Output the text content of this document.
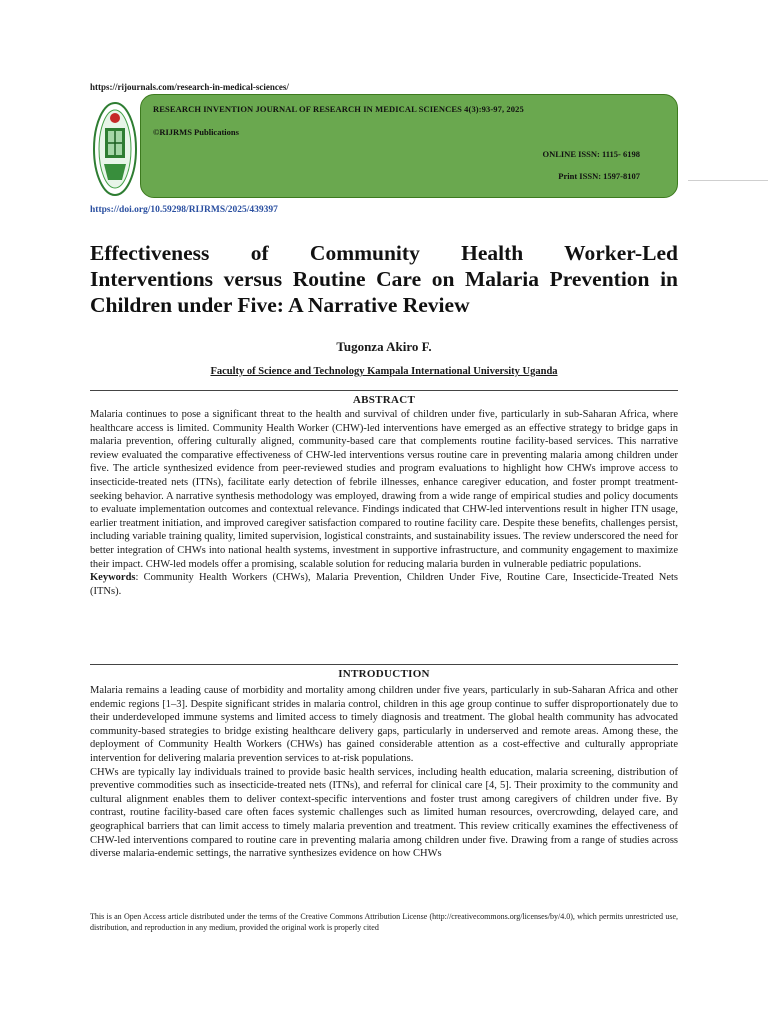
https://rijournals.com/research-in-medical-sciences/
RESEARCH INVENTION JOURNAL OF RESEARCH IN MEDICAL SCIENCES 4(3):93-97, 2025
©RIJRMS Publications
ONLINE ISSN: 1115- 6198
Print ISSN: 1597-8107
https://doi.org/10.59298/RIJRMS/2025/439397
Effectiveness of Community Health Worker-Led
Interventions versus Routine Care on Malaria Prevention in
Children under Five: A Narrative Review
Tugonza Akiro F.
Faculty of Science and Technology Kampala International University Uganda
ABSTRACT
Malaria continues to pose a significant threat to the health and survival of children under five, particularly in sub-Saharan Africa, where healthcare access is limited. Community Health Worker (CHW)-led interventions have emerged as an effective strategy to bridge gaps in malaria prevention, offering culturally aligned, community-based care that complements routine facility-based services. This narrative review evaluated the comparative effectiveness of CHW-led interventions versus routine care in preventing malaria among children under five. The article synthesized evidence from peer-reviewed studies and program evaluations to highlight how CHWs improve access to insecticide-treated nets (ITNs), facilitate early detection of febrile illnesses, enhance caregiver education, and foster prompt treatment-seeking behavior. A narrative synthesis methodology was employed, drawing from a wide range of empirical studies and policy documents to evaluate implementation outcomes and contextual relevance. Findings indicated that CHW-led interventions result in higher ITN usage, earlier treatment initiation, and improved caregiver satisfaction compared to routine facility care. Despite these benefits, challenges persist, including variable training quality, limited supervision, logistical constraints, and sustainability issues. The review underscored the need for better integration of CHWs into national health systems, investment in supportive infrastructure, and community engagement to maximize their impact. CHW-led models offer a promising, scalable solution for reducing malaria burden in vulnerable pediatric populations.
Keywords: Community Health Workers (CHWs), Malaria Prevention, Children Under Five, Routine Care, Insecticide-Treated Nets (ITNs).
INTRODUCTION
Malaria remains a leading cause of morbidity and mortality among children under five years, particularly in sub-Saharan Africa and other endemic regions [1–3]. Despite significant strides in malaria control, children in this age group continue to suffer disproportionately due to their underdeveloped immune systems and limited access to timely diagnosis and treatment. The global health community has advocated community-based strategies to bridge existing healthcare delivery gaps, particularly in underserved and remote areas. Among these, the deployment of Community Health Workers (CHWs) has gained considerable attention as a cost-effective and culturally appropriate intervention for delivering malaria prevention services to at-risk populations.
CHWs are typically lay individuals trained to provide basic health services, including health education, malaria screening, distribution of preventive commodities such as insecticide-treated nets (ITNs), and referral for clinical care [4, 5]. Their proximity to the community and cultural alignment enables them to deliver context-specific interventions and foster trust among caregivers of children under five. By contrast, routine facility-based care often faces systemic challenges such as limited human resources, overcrowding, delayed care, and geographical barriers that can limit access to timely malaria prevention and treatment. This review critically examines the effectiveness of CHW-led interventions compared to routine care in preventing malaria among children under five. Drawing from a range of studies across diverse malaria-endemic settings, the narrative synthesizes evidence on how CHWs
This is an Open Access article distributed under the terms of the Creative Commons Attribution License (http://creativecommons.org/licenses/by/4.0), which permits unrestricted use, distribution, and reproduction in any medium, provided the original work is properly cited
